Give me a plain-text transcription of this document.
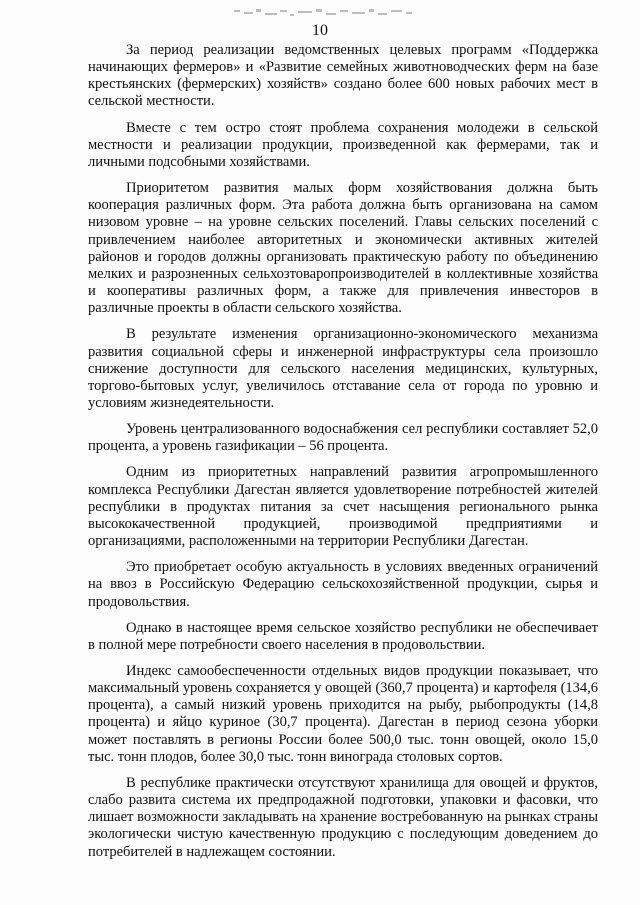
10

За период реализации ведомственных целевых программ «Поддержка начинающих фермеров» и «Развитие семейных животноводческих ферм на базе крестьянских (фермерских) хозяйств» создано более 600 новых рабочих мест в сельской местности.

Вместе с тем остро стоят проблема сохранения молодежи в сельской местности и реализации продукции, произведенной как фермерами, так и личными подсобными хозяйствами.

Приоритетом развития малых форм хозяйствования должна быть кооперация различных форм. Эта работа должна быть организована на самом низовом уровне – на уровне сельских поселений. Главы сельских поселений с привлечением наиболее авторитетных и экономически активных жителей районов и городов должны организовать практическую работу по объединению мелких и разрозненных сельхозтоваропроизводителей в коллективные хозяйства и кооперативы различных форм, а также для привлечения инвесторов в различные проекты в области сельского хозяйства.

В результате изменения организационно-экономического механизма развития социальной сферы и инженерной инфраструктуры села произошло снижение доступности для сельского населения медицинских, культурных, торгово-бытовых услуг, увеличилось отставание села от города по уровню и условиям жизнедеятельности.

Уровень централизованного водоснабжения сел республики составляет 52,0 процента, а уровень газификации – 56 процента.

Одним из приоритетных направлений развития агропромышленного комплекса Республики Дагестан является удовлетворение потребностей жителей республики в продуктах питания за счет насыщения регионального рынка высококачественной продукцией, производимой предприятиями и организациями, расположенными на территории Республики Дагестан.

Это приобретает особую актуальность в условиях введенных ограничений на ввоз в Российскую Федерацию сельскохозяйственной продукции, сырья и продовольствия.

Однако в настоящее время сельское хозяйство республики не обеспечивает в полной мере потребности своего населения в продовольствии.

Индекс самообеспеченности отдельных видов продукции показывает, что максимальный уровень сохраняется у овощей (360,7 процента) и картофеля (134,6 процента), а самый низкий уровень приходится на рыбу, рыбопродукты (14,8 процента) и яйцо куриное (30,7 процента). Дагестан в период сезона уборки может поставлять в регионы России более 500,0 тыс. тонн овощей, около 15,0 тыс. тонн плодов, более 30,0 тыс. тонн винограда столовых сортов.

В республике практически отсутствуют хранилища для овощей и фруктов, слабо развита система их предпродажной подготовки, упаковки и фасовки, что лишает возможности закладывать на хранение востребованную на рынках страны экологически чистую качественную продукцию с последующим доведением до потребителей в надлежащем состоянии.
